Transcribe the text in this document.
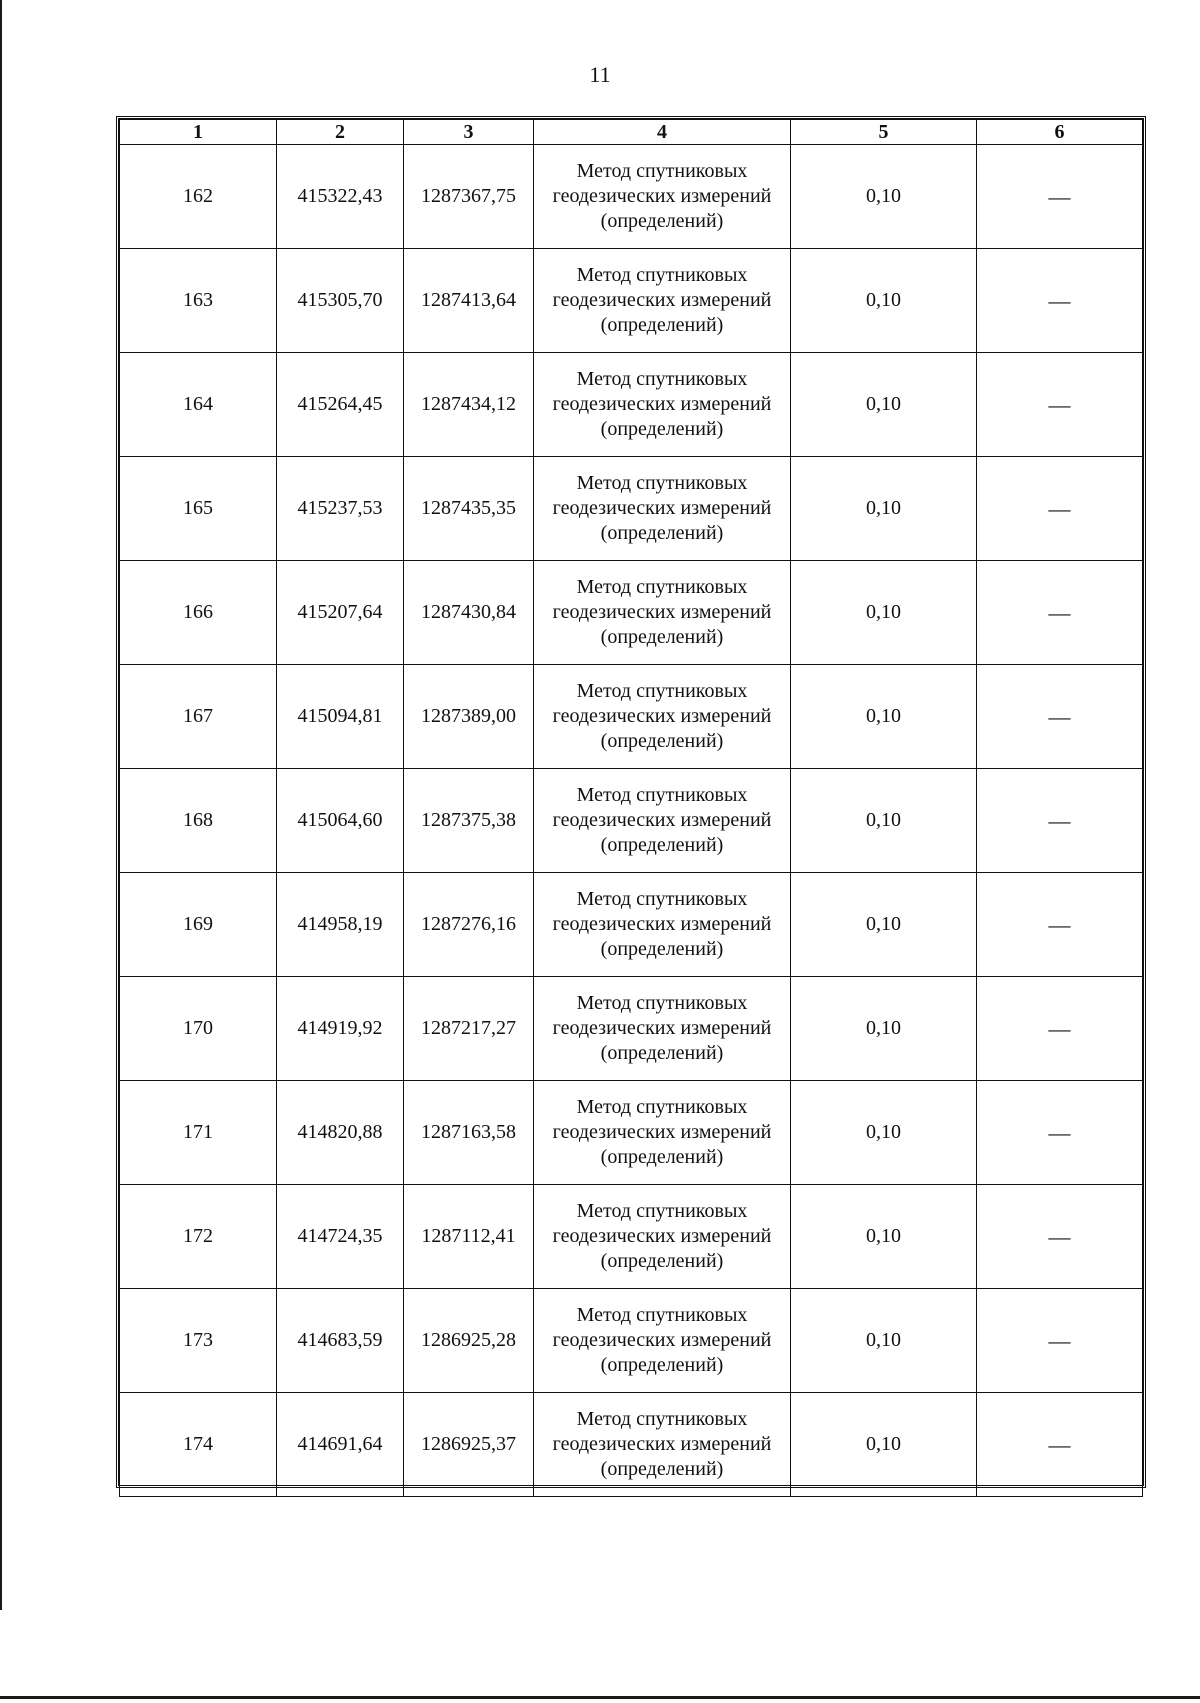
11
1	2	3	4	5	6
162	415322,43	1287367,75	Метод спутниковых геодезических измерений (определений)	0,10	—
163	415305,70	1287413,64	Метод спутниковых геодезических измерений (определений)	0,10	—
164	415264,45	1287434,12	Метод спутниковых геодезических измерений (определений)	0,10	—
165	415237,53	1287435,35	Метод спутниковых геодезических измерений (определений)	0,10	—
166	415207,64	1287430,84	Метод спутниковых геодезических измерений (определений)	0,10	—
167	415094,81	1287389,00	Метод спутниковых геодезических измерений (определений)	0,10	—
168	415064,60	1287375,38	Метод спутниковых геодезических измерений (определений)	0,10	—
169	414958,19	1287276,16	Метод спутниковых геодезических измерений (определений)	0,10	—
170	414919,92	1287217,27	Метод спутниковых геодезических измерений (определений)	0,10	—
171	414820,88	1287163,58	Метод спутниковых геодезических измерений (определений)	0,10	—
172	414724,35	1287112,41	Метод спутниковых геодезических измерений (определений)	0,10	—
173	414683,59	1286925,28	Метод спутниковых геодезических измерений (определений)	0,10	—
174	414691,64	1286925,37	Метод спутниковых геодезических измерений (определений)	0,10	—
